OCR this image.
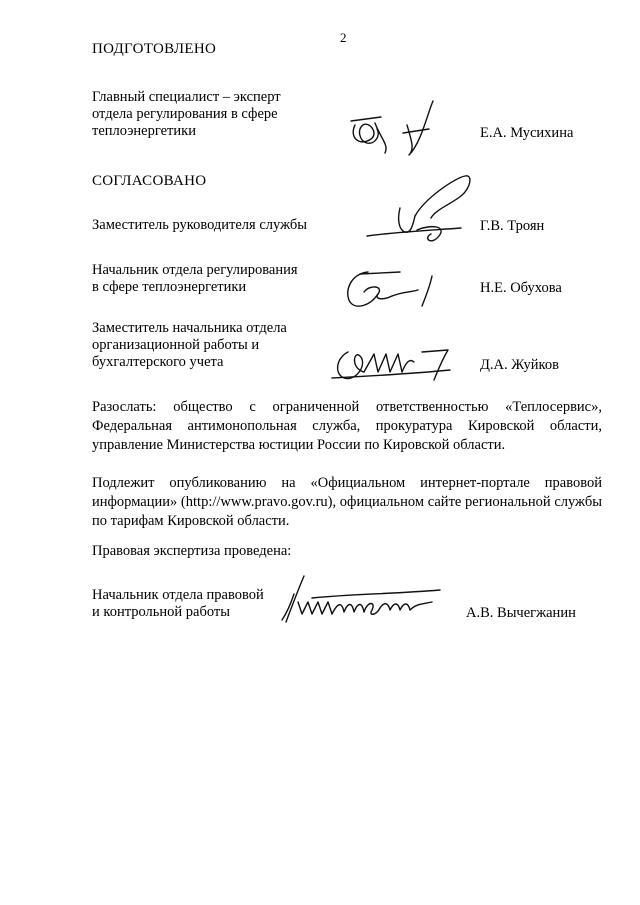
2
ПОДГОТОВЛЕНО
Главный специалист – эксперт
отдела регулирования в сфере
теплоэнергетики	Е.А. Мусихина
СОГЛАСОВАНО
Заместитель руководителя службы	Г.В. Троян
Начальник отдела регулирования
в сфере теплоэнергетики	Н.Е. Обухова
Заместитель начальника отдела
организационной работы и
бухгалтерского учета	Д.А. Жуйков

Разослать: общество с ограниченной ответственностью «Теплосервис», Федеральная антимонопольная служба, прокуратура Кировской области, управление Министерства юстиции России по Кировской области.

Подлежит опубликованию на «Официальном интернет-портале правовой информации» (http://www.pravo.gov.ru), официальном сайте региональной службы по тарифам Кировской области.

Правовая экспертиза проведена:
Начальник отдела правовой
и контрольной работы	А.В. Вычегжанин
